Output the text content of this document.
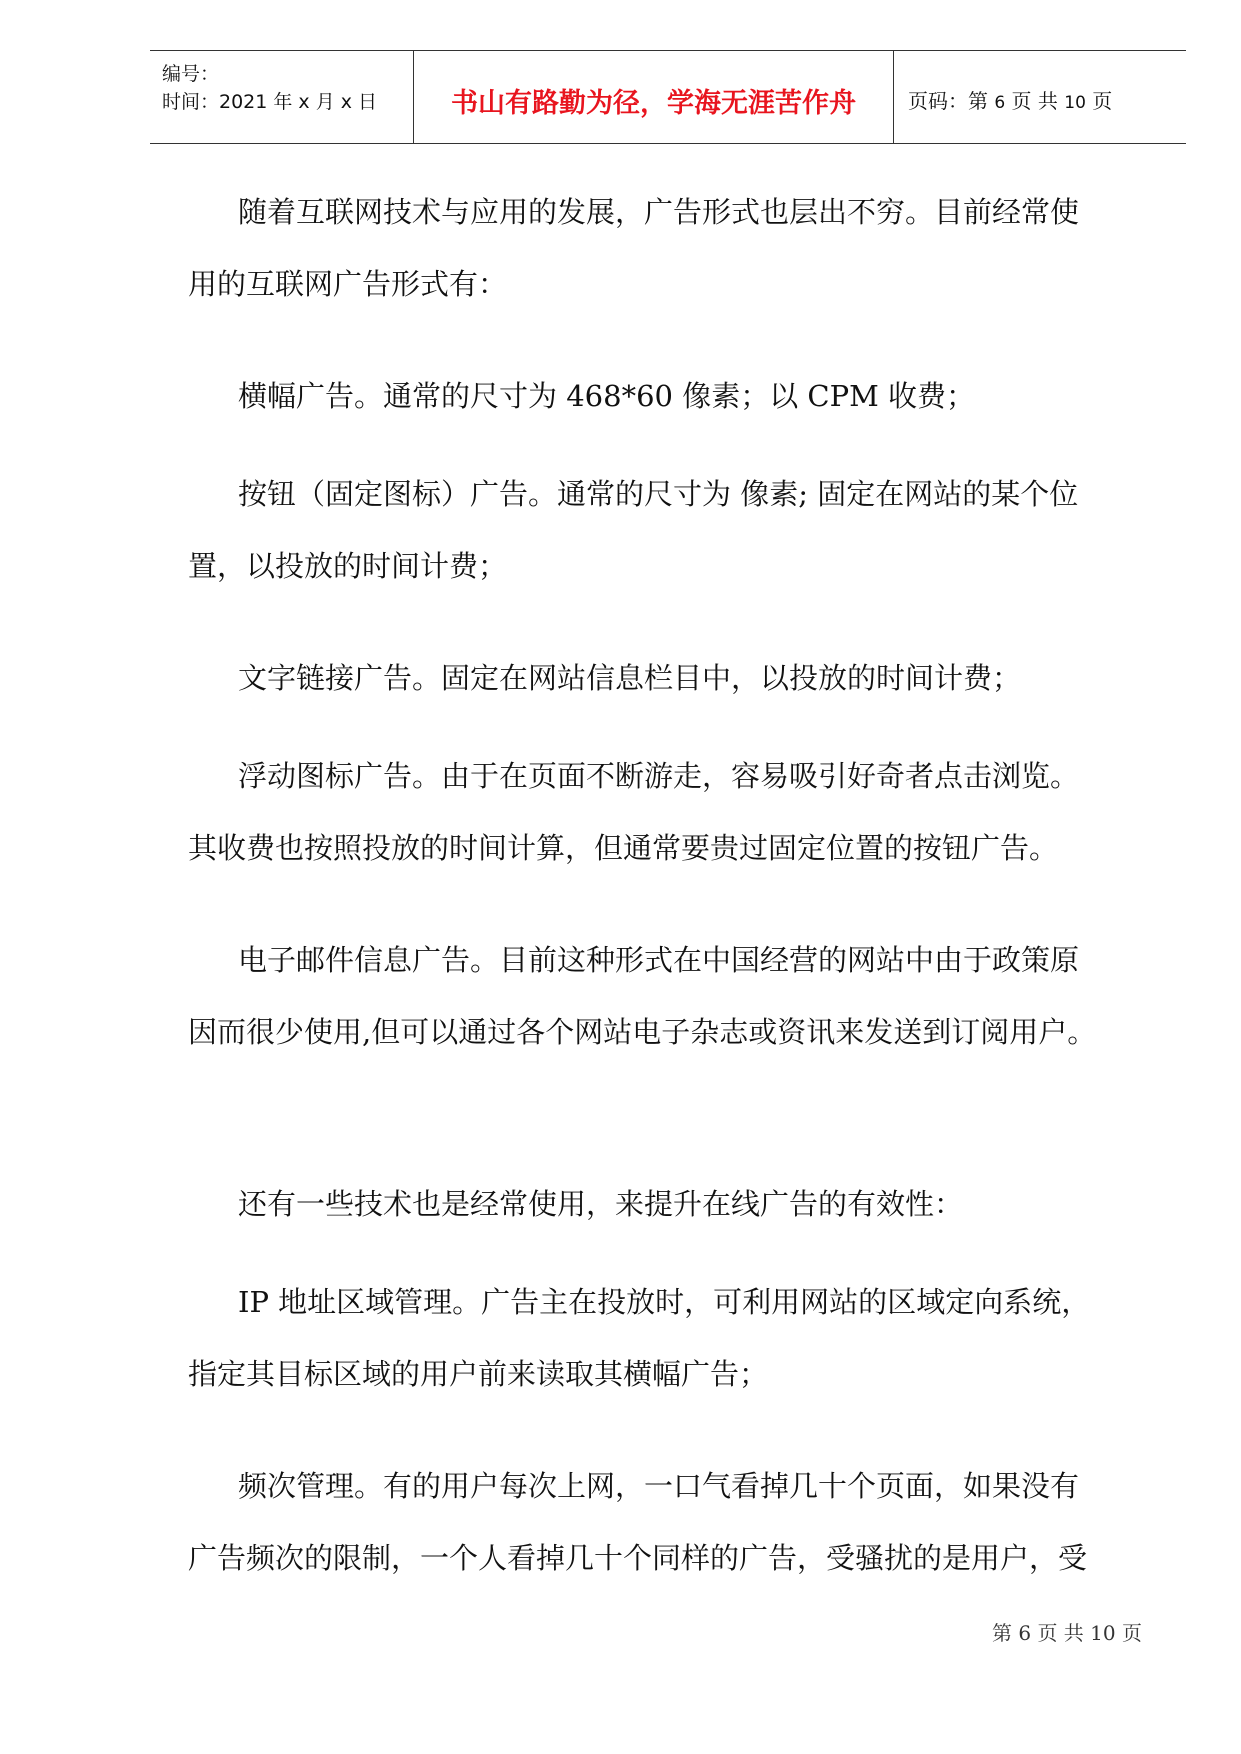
编号：
时间：2021 年 x 月 x 日	书山有路勤为径，学海无涯苦作舟	页码：第 6 页 共 10 页

随着互联网技术与应用的发展，广告形式也层出不穷。目前经常使

用的互联网广告形式有：

横幅广告。通常的尺寸为 468*60 像素；以 CPM 收费；

按钮（固定图标）广告。通常的尺寸为 像素; 固定在网站的某个位

置，以投放的时间计费；

文字链接广告。固定在网站信息栏目中，以投放的时间计费；

浮动图标广告。由于在页面不断游走，容易吸引好奇者点击浏览。

其收费也按照投放的时间计算，但通常要贵过固定位置的按钮广告。

电子邮件信息广告。目前这种形式在中国经营的网站中由于政策原

因而很少使用,但可以通过各个网站电子杂志或资讯来发送到订阅用户。

还有一些技术也是经常使用，来提升在线广告的有效性：

IP 地址区域管理。广告主在投放时，可利用网站的区域定向系统，

指定其目标区域的用户前来读取其横幅广告；

频次管理。有的用户每次上网，一口气看掉几十个页面，如果没有

广告频次的限制，一个人看掉几十个同样的广告，受骚扰的是用户，受

第 6 页 共 10 页
